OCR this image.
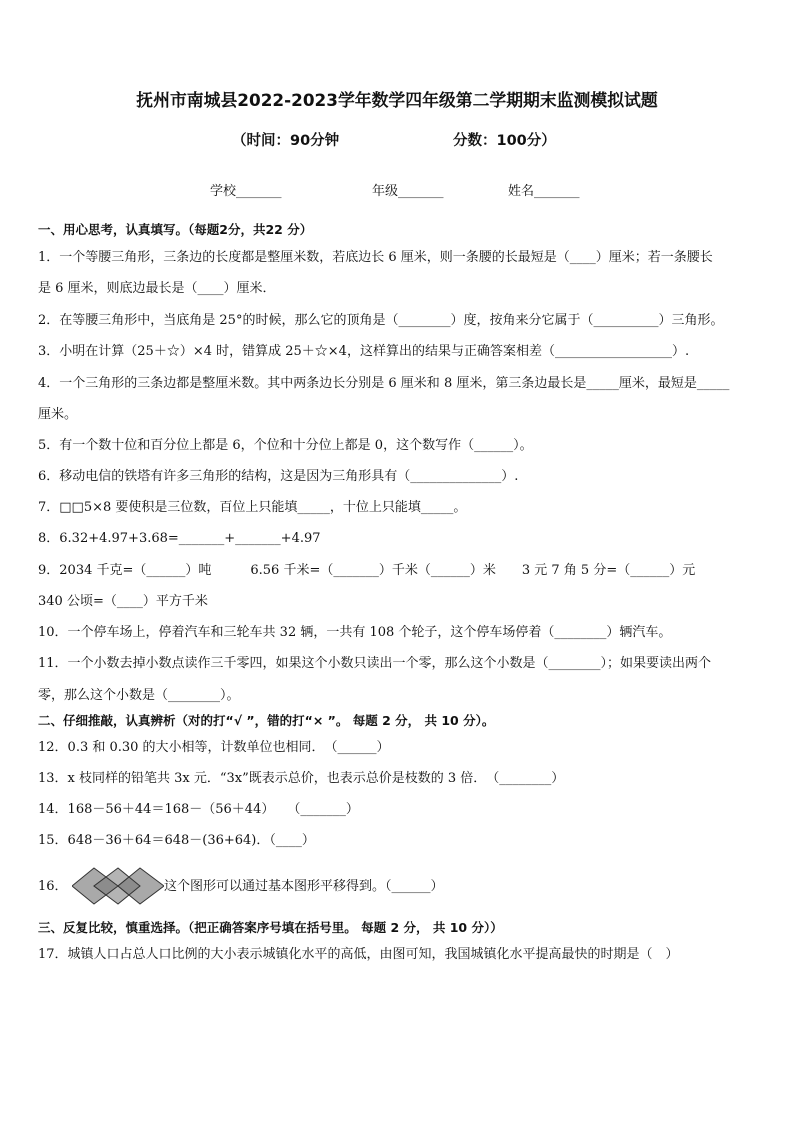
抚州市南城县2022-2023学年数学四年级第二学期期末监测模拟试题
（时间：90分钟	分数：100分）
学校_______	年级_______	姓名_______
一、用心思考，认真填写。（每题2分，共22 分）
1．一个等腰三角形，三条边的长度都是整厘米数，若底边长 6 厘米，则一条腰的长最短是（____）厘米；若一条腰长
是 6 厘米，则底边最长是（____）厘米．
2．在等腰三角形中，当底角是 25°的时候，那么它的顶角是（________）度，按角来分它属于（__________）三角形。
3．小明在计算（25＋☆）×4 时，错算成 25＋☆×4，这样算出的结果与正确答案相差（__________________）.
4．一个三角形的三条边都是整厘米数。其中两条边长分别是 6 厘米和 8 厘米，第三条边最长是_____厘米，最短是_____
厘米。
5．有一个数十位和百分位上都是 6，个位和十分位上都是 0，这个数写作（______）。
6．移动电信的铁塔有许多三角形的结构，这是因为三角形具有（______________）.
7．□□5×8 要使积是三位数，百位上只能填_____，十位上只能填_____。
8．6.32+4.97+3.68=_______+_______+4.97
9．2034 千克=（______）吨　　　6.56 千米=（_______）千米（______）米　　3 元 7 角 5 分=（______）元
340 公顷=（____）平方千米
10．一个停车场上，停着汽车和三轮车共 32 辆，一共有 108 个轮子，这个停车场停着（________）辆汽车。
11．一个小数去掉小数点读作三千零四，如果这个小数只读出一个零，那么这个小数是（________）；如果要读出两个
零，那么这个小数是（________）。
二、仔细推敲，认真辨析（对的打“√ ”，错的打“× ”。 每题 2 分， 共 10 分）。
12．0.3 和 0.30 的大小相等，计数单位也相同．　（______）
13．x 枝同样的铅笔共 3x 元．“3x”既表示总价，也表示总价是枝数的 3 倍．　（________）
14．168－56＋44＝168－（56＋44）　　（_______）
15．648－36＋64＝648－(36+64)．（____）
16．	这个图形可以通过基本图形平移得到。（______）
三、反复比较，慎重选择。（把正确答案序号填在括号里。 每题 2 分， 共 10 分））
17．城镇人口占总人口比例的大小表示城镇化水平的高低，由图可知，我国城镇化水平提高最快的时期是（　）
